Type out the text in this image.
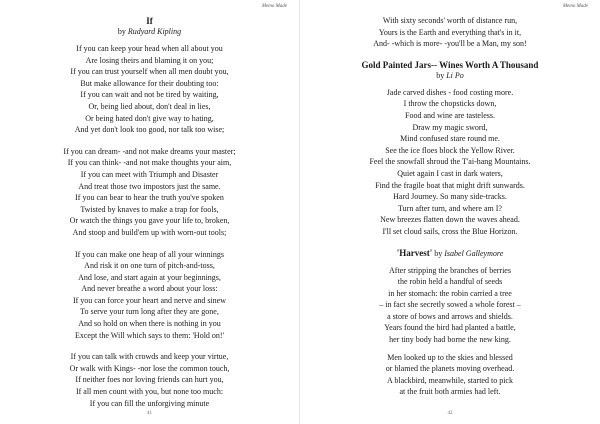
Memo Made
If
by Rudyard Kipling
If you can keep your head when all about you
Are losing theirs and blaming it on you;
If you can trust yourself when all men doubt you,
But make allowance for their doubting too:
If you can wait and not be tired by waiting,
Or, being lied about, don't deal in lies,
Or being hated don't give way to hating,
And yet don't look too good, nor talk too wise;
If you can dream- -and not make dreams your master;
If you can think- -and not make thoughts your aim,
If you can meet with Triumph and Disaster
And treat those two impostors just the same.
If you can bear to hear the truth you've spoken
Twisted by knaves to make a trap for fools,
Or watch the things you gave your life to, broken,
And stoop and build'em up with worn-out tools;
If you can make one heap of all your winnings
And risk it on one turn of pitch-and-toss,
And lose, and start again at your beginnings,
And never breathe a word about your loss:
If you can force your heart and nerve and sinew
To serve your turn long after they are gone,
And so hold on when there is nothing in you
Except the Will which says to them: 'Hold on!'
If you can talk with crowds and keep your virtue,
Or walk with Kings- -nor lose the common touch,
If neither foes nor loving friends can hurt you,
If all men count with you, but none too much:
If you can fill the unforgiving minute
41
Memo Made
With sixty seconds' worth of distance run,
Yours is the Earth and everything that's in it,
And- -which is more- -you'll be a Man, my son!
Gold Painted Jars-- Wines Worth A Thousand
by Li Po
Jade carved dishes - food costing more.
I throw the chopsticks down,
Food and wine are tasteless.
Draw my magic sword,
Mind confused stare round me.
See the ice floes block the Yellow River.
Feel the snowfall shroud the T'ai-hang Mountains.
Quiet again I cast in dark waters,
Find the fragile boat that might drift sunwards.
Hard Journey. So many side-tracks.
Turn after turn, and where am I?
New breezes flatten down the waves ahead.
I'll set cloud sails, cross the Blue Horizon.
'Harvest' by Isabel Galleymore
After stripping the branches of berries
the robin held a handful of seeds
in her stomach: the robin carried a tree
– in fact she secretly sowed a whole forest –
a store of bows and arrows and shields.
Years found the bird had planted a battle,
her tiny body had borne the new king.
Men looked up to the skies and blessed
or blamed the planets moving overhead.
A blackbird, meanwhile, started to pick
at the fruit both armies had left.
42
